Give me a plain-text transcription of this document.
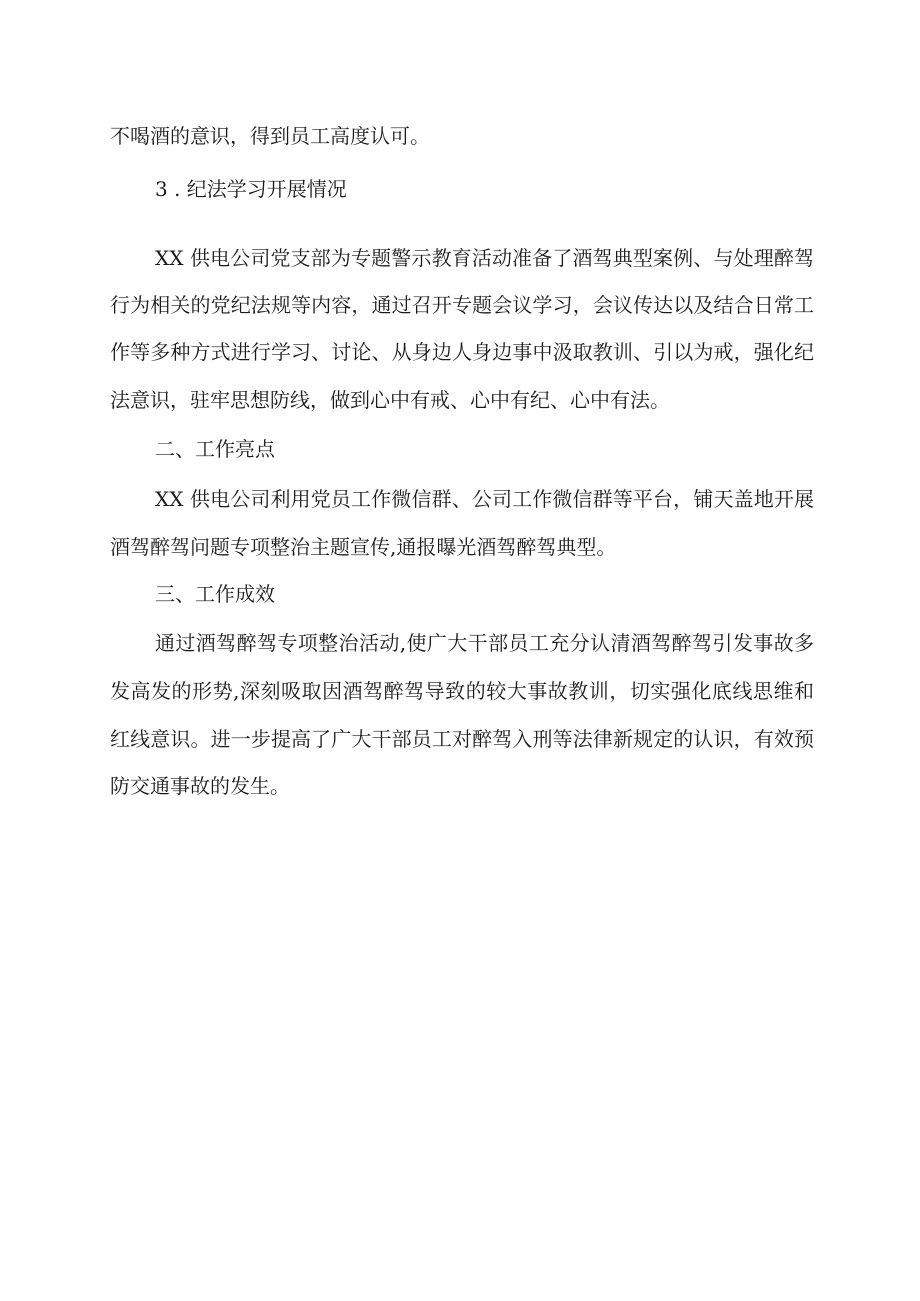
不喝酒的意识，得到员工高度认可。
3 . 纪法学习开展情况
XX 供电公司党支部为专题警示教育活动准备了酒驾典型案例、与处理醉驾
行为相关的党纪法规等内容，通过召开专题会议学习，会议传达以及结合日常工
作等多种方式进行学习、讨论、从身边人身边事中汲取教训、引以为戒，强化纪
法意识，驻牢思想防线，做到心中有戒、心中有纪、心中有法。
二、工作亮点
XX 供电公司利用党员工作微信群、公司工作微信群等平台，铺天盖地开展
酒驾醉驾问题专项整治主题宣传,通报曝光酒驾醉驾典型。
三、工作成效
通过酒驾醉驾专项整治活动,使广大干部员工充分认清酒驾醉驾引发事故多
发高发的形势,深刻吸取因酒驾醉驾导致的较大事故教训，切实强化底线思维和
红线意识。进一步提高了广大干部员工对醉驾入刑等法律新规定的认识，有效预
防交通事故的发生。
